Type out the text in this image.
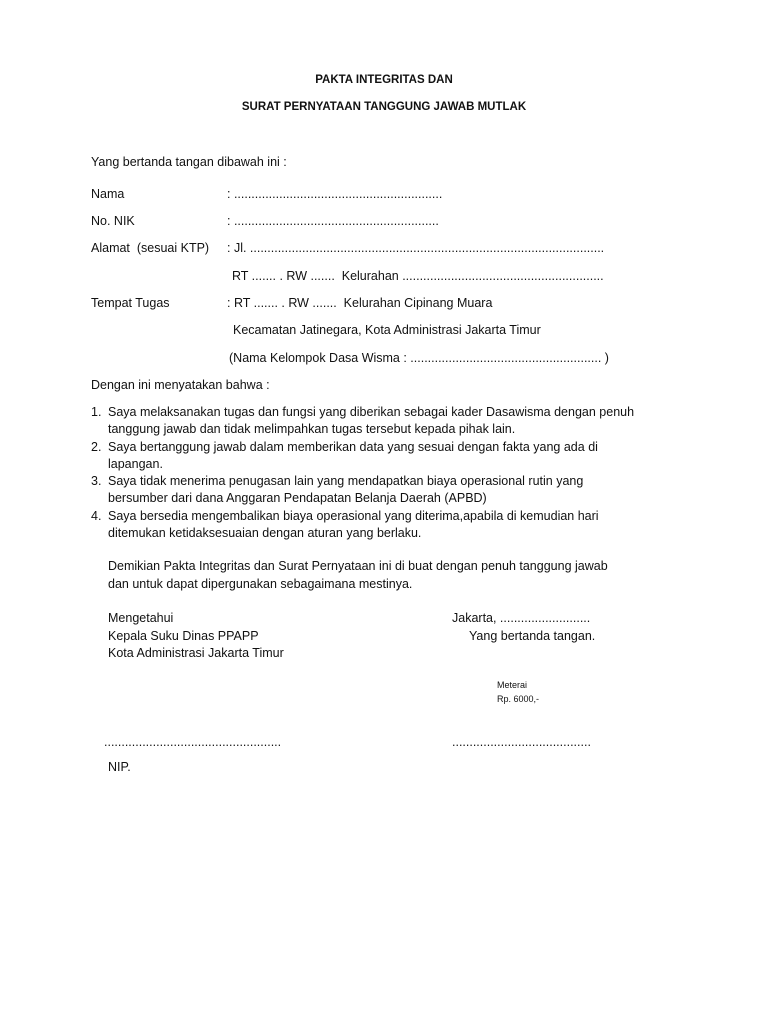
PAKTA INTEGRITAS DAN
SURAT PERNYATAAN TANGGUNG JAWAB MUTLAK
Yang bertanda tangan dibawah ini :
Nama	: ............................................................
No. NIK	: ...........................................................
Alamat  (sesuai KTP) : Jl. ......................................................................................................
RT ....... . RW .......  Kelurahan ..........................................................
Tempat Tugas	: RT ....... . RW .......  Kelurahan Cipinang Muara
Kecamatan Jatinegara, Kota Administrasi Jakarta Timur
(Nama Kelompok Dasa Wisma : ....................................................... )
Dengan ini menyatakan bahwa :
1. Saya melaksanakan tugas dan fungsi yang diberikan sebagai kader Dasawisma dengan penuh
tanggung jawab dan tidak melimpahkan tugas tersebut kepada pihak lain.
2. Saya bertanggung jawab dalam memberikan data yang sesuai dengan fakta yang ada di
lapangan.
3. Saya tidak menerima penugasan lain yang mendapatkan biaya operasional rutin yang
bersumber dari dana Anggaran Pendapatan Belanja Daerah (APBD)
4. Saya bersedia mengembalikan biaya operasional yang diterima,apabila di kemudian hari
ditemukan ketidaksesuaian dengan aturan yang berlaku.
Demikian Pakta Integritas dan Surat Pernyataan ini di buat dengan penuh tanggung jawab
dan untuk dapat dipergunakan sebagaimana mestinya.
Mengetahui
Kepala Suku Dinas PPAPP
Kota Administrasi Jakarta Timur
...................................................
NIP.
Jakarta, ..........................
Yang bertanda tangan.
Meterai
Rp. 6000,-
........................................
